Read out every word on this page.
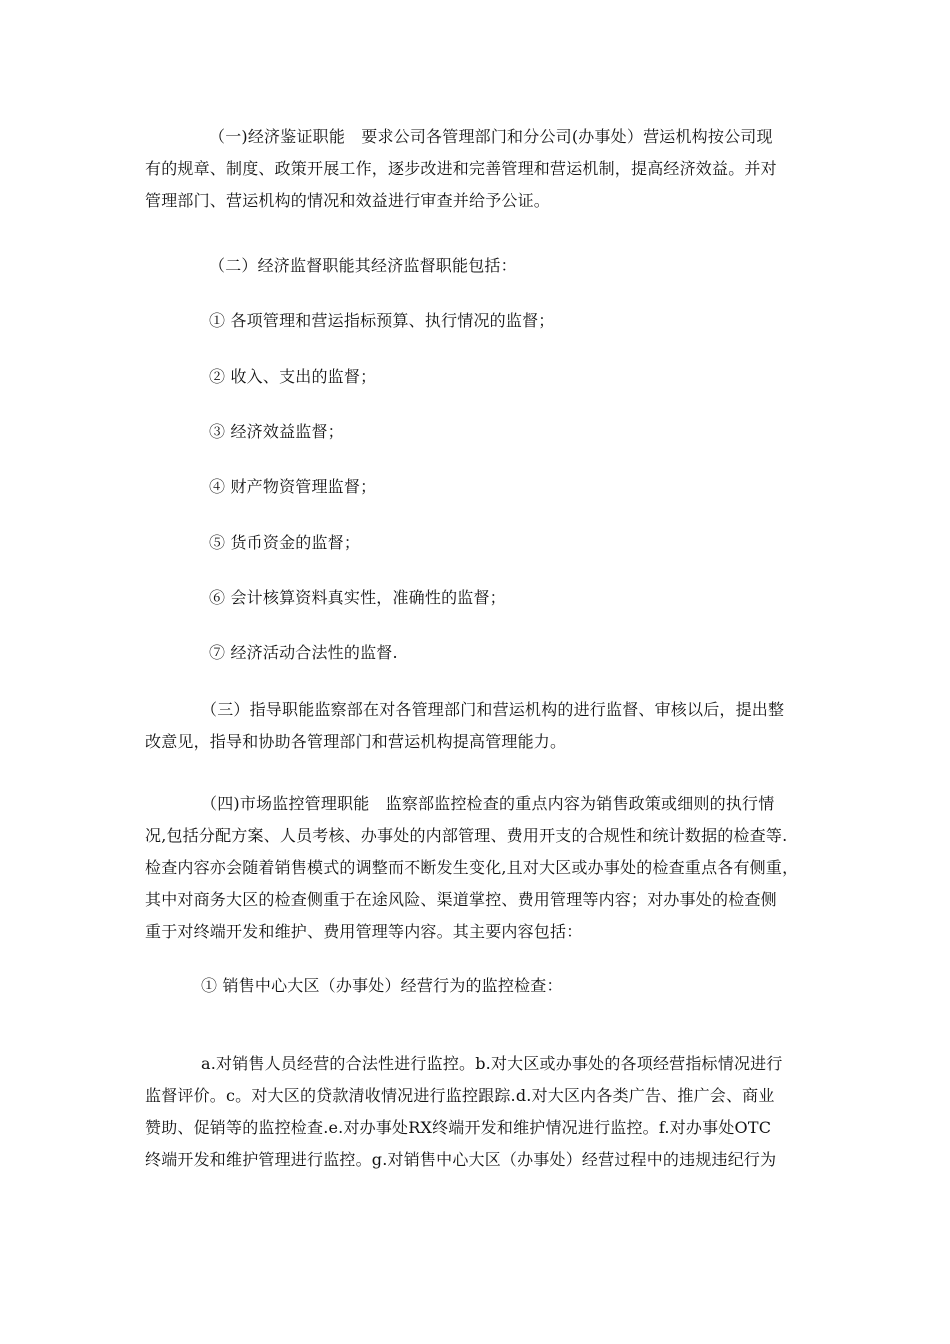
（一)经济鉴证职能　要求公司各管理部门和分公司(办事处）营运机构按公司现
有的规章、制度、政策开展工作，逐步改进和完善管理和营运机制，提高经济效益。并对
管理部门、营运机构的情况和效益进行审查并给予公证。
（二）经济监督职能其经济监督职能包括：
① 各项管理和营运指标预算、执行情况的监督；
② 收入、支出的监督；
③ 经济效益监督；
④ 财产物资管理监督；
⑤ 货币资金的监督；
⑥ 会计核算资料真实性，准确性的监督；
⑦ 经济活动合法性的监督.
（三）指导职能监察部在对各管理部门和营运机构的进行监督、审核以后，提出整
改意见，指导和协助各管理部门和营运机构提高管理能力。
（四)市场监控管理职能　监察部监控检查的重点内容为销售政策或细则的执行情
况,包括分配方案、人员考核、办事处的内部管理、费用开支的合规性和统计数据的检查等.
检查内容亦会随着销售模式的调整而不断发生变化,且对大区或办事处的检查重点各有侧重，
其中对商务大区的检查侧重于在途风险、渠道掌控、费用管理等内容；对办事处的检查侧
重于对终端开发和维护、费用管理等内容。其主要内容包括：
① 销售中心大区（办事处）经营行为的监控检查：
a.对销售人员经营的合法性进行监控。b.对大区或办事处的各项经营指标情况进行
监督评价。c。对大区的贷款清收情况进行监控跟踪.d.对大区内各类广告、推广会、商业
赞助、促销等的监控检查.e.对办事处RX终端开发和维护情况进行监控。f.对办事处OTC
终端开发和维护管理进行监控。g.对销售中心大区（办事处）经营过程中的违规违纪行为
